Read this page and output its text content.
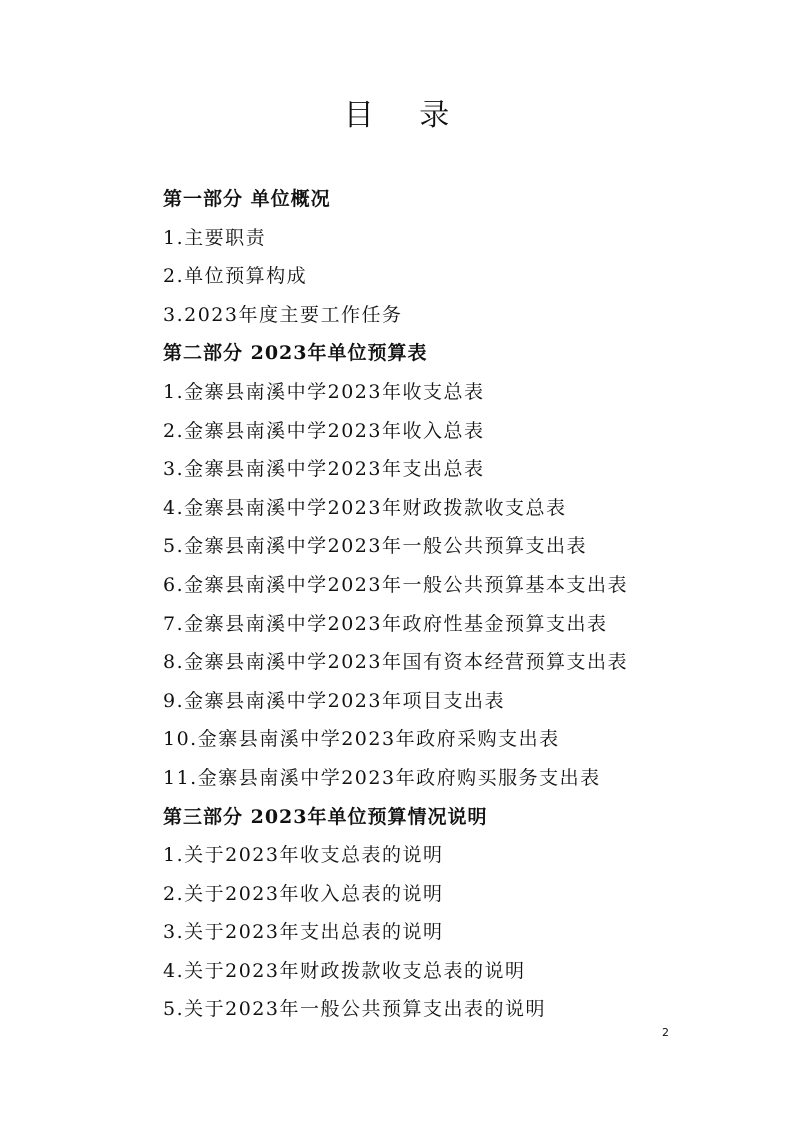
目 录
第一部分 单位概况
1.主要职责
2.单位预算构成
3.2023年度主要工作任务
第二部分 2023年单位预算表
1.金寨县南溪中学2023年收支总表
2.金寨县南溪中学2023年收入总表
3.金寨县南溪中学2023年支出总表
4.金寨县南溪中学2023年财政拨款收支总表
5.金寨县南溪中学2023年一般公共预算支出表
6.金寨县南溪中学2023年一般公共预算基本支出表
7.金寨县南溪中学2023年政府性基金预算支出表
8.金寨县南溪中学2023年国有资本经营预算支出表
9.金寨县南溪中学2023年项目支出表
10.金寨县南溪中学2023年政府采购支出表
11.金寨县南溪中学2023年政府购买服务支出表
第三部分 2023年单位预算情况说明
1.关于2023年收支总表的说明
2.关于2023年收入总表的说明
3.关于2023年支出总表的说明
4.关于2023年财政拨款收支总表的说明
5.关于2023年一般公共预算支出表的说明
2
